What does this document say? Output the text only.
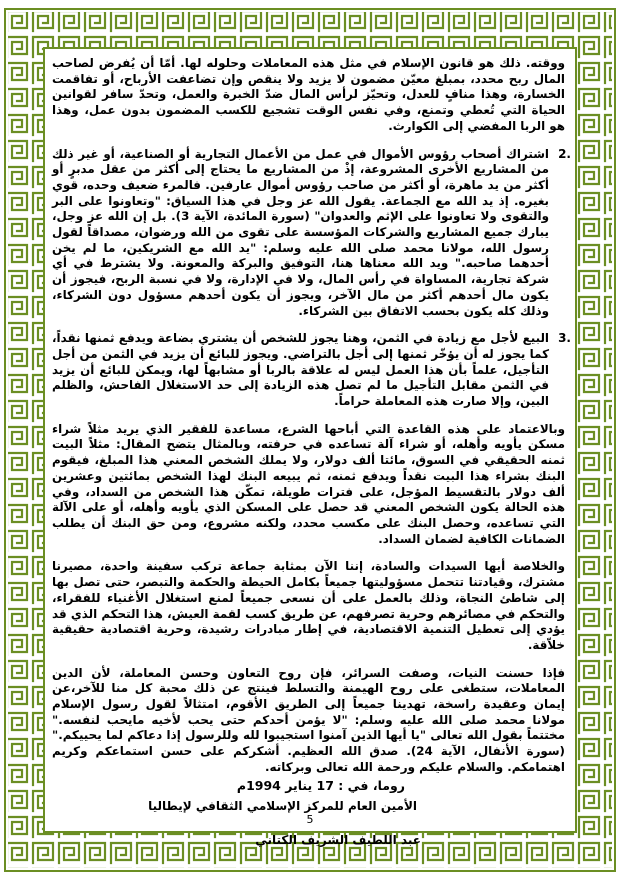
ووقته. ذلك هو قانون الإسلام في مثل هذه المعاملات وحلوله لها. أمّا أن يُفرض لصاحب المال ربح محدد، بمبلغ معيّن مضمون لا يزيد ولا ينقص وإن تضاعفت الأرباح، أو تفاقمت الخسارة، وهذا منافٍ للعدل، وتحيّز لرأس المال ضدّ الخبرة والعمل، وتحدّ سافر لقوانين الحياة التي تُعطي وتمنع، وفي نفس الوقت تشجيع للكسب المضمون بدون عمل، وهذا هو الربا المفضي إلى الكوارث.

2.

اشتراك أصحاب رؤوس الأموال في عمل من الأعمال التجارية أو الصناعية، أو غير ذلك من المشاريع الأخرى المشروعة، إذْ من المشاريع ما يحتاج إلى أكثر من عقل مدبرٍ أو أكثر من يد ماهرة، أو أكثر من صاحب رؤوس أموال عارفين. فالمرء ضعيف وحده، قوي بغيره. إذ يد الله مع الجماعة. يقول الله عز وجل في هذا السياق: "وتعاونوا على البر والتقوى ولا تعاونوا على الإثم والعدوان" (سورة المائدة، الآية 3). بل إن الله عز وجل، يبارك جميع المشاريع والشركات المؤسسة على تقوى من الله ورضوان، مصداقاً لقول رسول الله، مولانا محمد صلى الله عليه وسلم: "يد الله مع الشريكين، ما لم يخن أحدهما صاحبه." ويد الله معناها هنا، التوفيق والبركة والمعونة. ولا يشترط في أي شركة تجارية، المساواة في رأس المال، ولا في الإدارة، ولا في نسبة الربح، فيجوز أن يكون مال أحدهم أكثر من مال الآخر، ويجوز أن يكون أحدهم مسؤول دون الشركاء، وذلك كله يكون بحسب الاتفاق بين الشركاء.

3.

البيع لأجل مع زيادة في الثمن، وهنا يجوز للشخص أن يشتري بضاعة ويدفع ثمنها نقداً، كما يجوز له أن يؤخّر ثمنها إلى أجل بالتراضي. ويجوز للبائع أن يزيد في الثمن من أجل التأجيل، علماً بأن هذا العمل ليس له علاقة بالربا أو مشابهاً لها، ويمكن للبائع أن يزيد في الثمن مقابل التأجيل ما لم تصل هذه الزيادة إلى حد الاستغلال الفاحش، والظلم البين، وإلا صارت هذه المعاملة حراماً.

وبالاعتماد على هذه القاعدة التي أباحها الشرع، مساعدة للفقير الذي يريد مثلاً شراء مسكن يأويه وأهله، أو شراء آلة تساعده في حرفته، وبالمثال يتضح المقال: مثلاً البيت ثمنه الحقيقي في السوق، مائتا ألف دولار، ولا يملك الشخص المعني هذا المبلغ، فيقوم البنك بشراء هذا البيت نقداً ويدفع ثمنه، ثم يبيعه البنك لهذا الشخص بمائتين وعشرين ألف دولار بالتقسيط المؤجل، على فترات طويلة، تمكّن هذا الشخص من السداد، وفي هذه الحالة يكون الشخص المعني قد حصل على المسكن الذي يأويه وأهله، أو على الآلة التي تساعده، وحصل البنك على مكسب محدد، ولكنه مشروع، ومن حق البنك أن يطلب الضمانات الكافية لضمان السداد.

والخلاصة أيها السيدات والسادة، إننا الآن بمثابة جماعة تركب سفينة واحدة، مصيرنا مشترك، وقيادتنا تتحمل مسؤوليتها جميعاً بكامل الحيطة والحكمة والتبصر، حتى تصل بها إلى شاطئ النجاة، وذلك بالعمل على أن نسعى جميعاً لمنع استغلال الأغنياء للفقراء، والتحكم في مصائرهم وحرية تصرفهم، عن طريق كسب لقمة العيش، هذا التحكم الذي قد يؤدي إلى تعطيل التنمية الاقتصادية، في إطار مبادرات رشيدة، وحرية اقتصادية حقيقية خلاّقة.

فإذا حسنت النيات، وصفت السرائر، فإن روح التعاون وحسن المعاملة، لأن الدين المعاملات، ستطغى على روح الهيمنة والتسلط فينتج عن ذلك محبة كل منا للآخر،عن إيمان وعقيدة راسخة، تهدينا جميعاً إلى الطريق الأقوم، امتثالاً لقول رسول الإسلام مولانا محمد صلى الله عليه وسلم: "لا يؤمن أحدكم حتى يحب لأخيه مايحب لنفسه." مختتماً بقول الله تعالى "يا أيها الذين آمنوا استجيبوا لله وللرسول إذا دعاكم لما يحييكم." (سورة الأنفال، الآية 24). صدق الله العظيم. أشكركم على حسن استماعكم وكريم اهتمامكم. والسلام عليكم ورحمة الله تعالى وبركاته.

روما، في : 17 يناير 1994م
الأمين العام للمركز الإسلامي الثقافي لإيطاليا
عبد اللطيف الشريف الكتاني
5
